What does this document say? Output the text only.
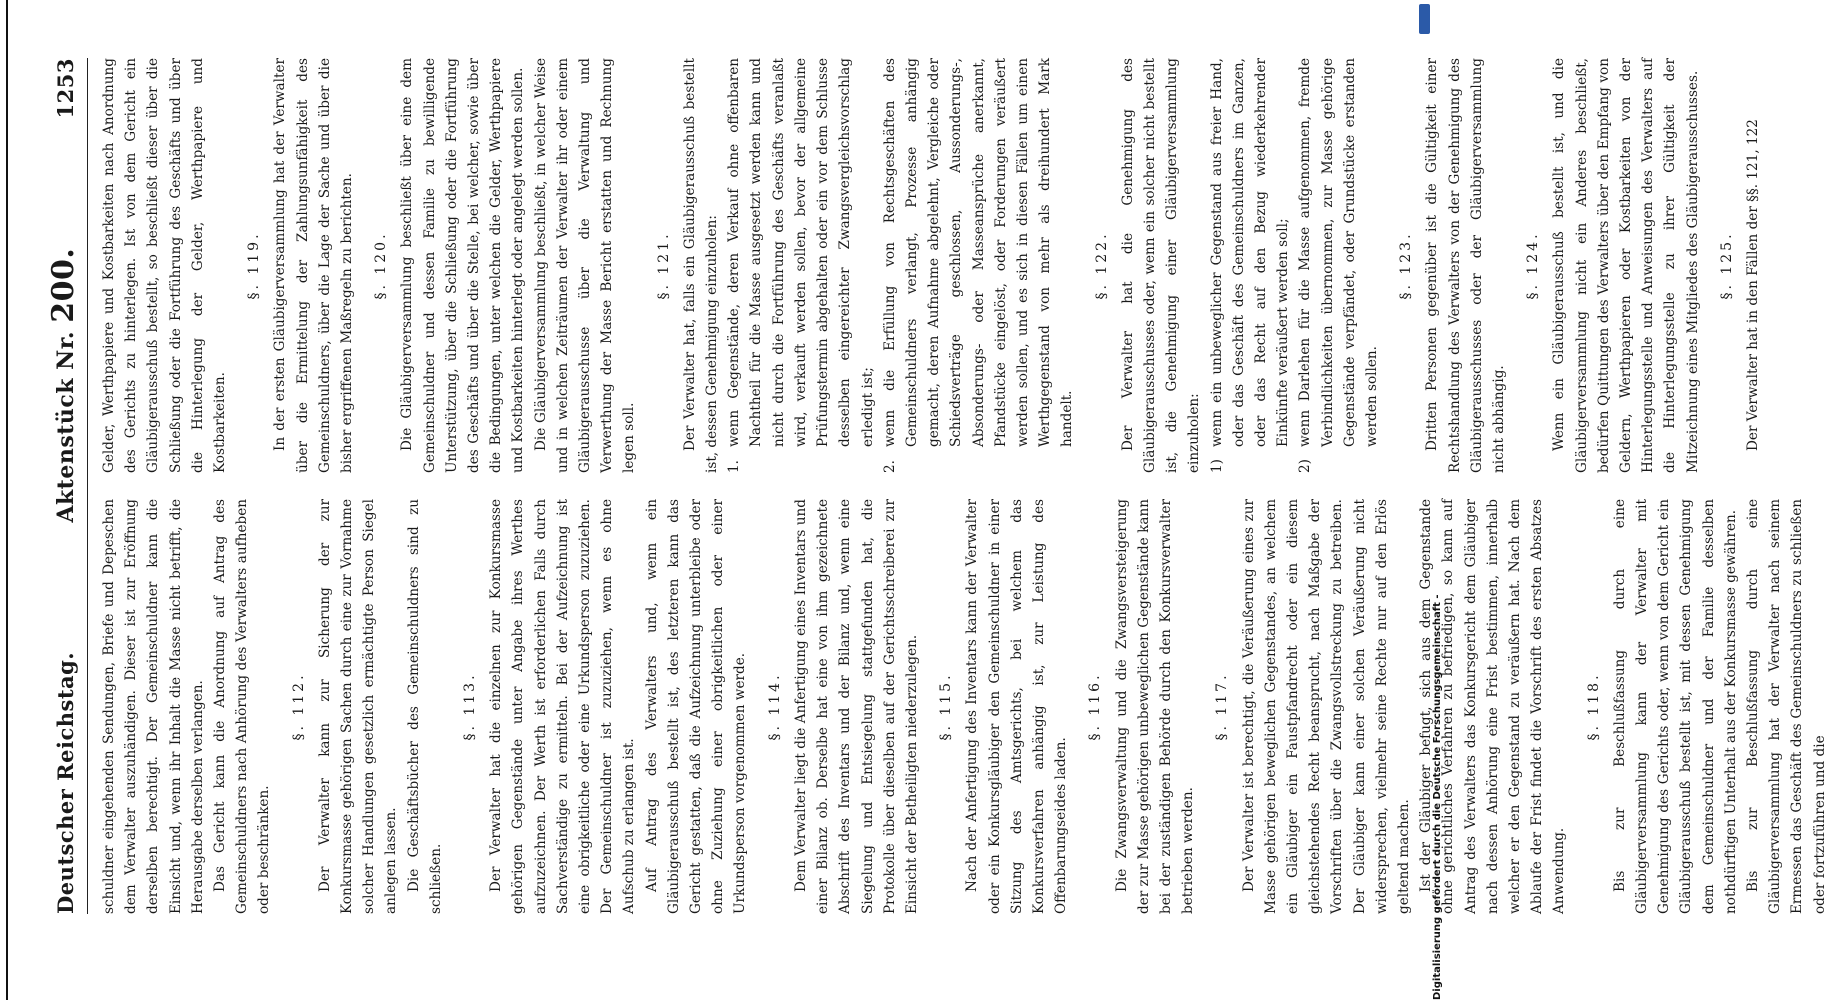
Deutscher Reichstag.
Aktenstück Nr. 200.
1253

schuldner eingehenden Sendungen, Briefe und Depeschen dem Verwalter auszuhändigen. Dieser ist zur Eröffnung derselben berechtigt. Der Gemeinschuldner kann die Einsicht und, wenn ihr Inhalt die Masse nicht betrifft, die Herausgabe derselben verlangen. Das Gericht kann die Anordnung auf Antrag des Gemeinschuldners nach Anhörung des Verwalters aufheben oder beschränken.

§. 112. Der Verwalter kann zur Sicherung der zur Konkursmasse gehörigen Sachen durch eine zur Vornahme solcher Handlungen gesetzlich ermächtigte Person Siegel anlegen lassen. Die Geschäftsbücher des Gemeinschuldners sind zu schließen.

§. 113. Der Verwalter hat die einzelnen zur Konkursmasse gehörigen Gegenstände unter Angabe ihres Werthes aufzuzeichnen. Der Werth ist erforderlichen Falls durch Sachverständige zu ermitteln. Bei der Aufzeichnung ist eine obrigkeitliche oder eine Urkundsperson zuzuziehen. Der Gemeinschuldner ist zuzuziehen, wenn es ohne Aufschub zu erlangen ist. Auf Antrag des Verwalters und, wenn ein Gläubigerausschuß bestellt ist, des letzteren kann das Gericht gestatten, daß die Aufzeichnung unterbleibe oder ohne Zuziehung einer obrigkeitlichen oder einer Urkundsperson vorgenommen werde. §. 114. Dem Verwalter liegt die Anfertigung eines Inventars und einer Bilanz ob. Derselbe hat eine von ihm gezeichnete Abschrift des Inventars und der Bilanz und, wenn eine Siegelung und Entsiegelung stattgefunden hat, die Protokolle über dieselben auf der Gerichtsschreiberei zur Einsicht der Betheiligten niederzulegen. §. 115. Nach der Anfertigung des Inventars kann der Verwalter oder ein Konkursgläubiger den Gemeinschuldner in einer Sitzung des Amtsgerichts, bei welchem das Konkursverfahren anhängig ist, zur Leistung des Offenbarungseides laden.

§. 116. Die Zwangsverwaltung und die Zwangsversteigerung der zur Masse gehörigen unbeweglichen Gegenstände kann bei der zuständigen Behörde durch den Konkursverwalter betrieben werden.

§. 117. Der Verwalter ist berechtigt, die Veräußerung eines zur Masse gehörigen beweglichen Gegenstandes, an welchem ein Gläubiger ein Faustpfandrecht oder ein diesem gleichstehendes Recht beansprucht, nach Maßgabe der Vorschriften über die Zwangsvollstreckung zu betreiben. Der Gläubiger kann einer solchen Veräußerung nicht widersprechen, vielmehr seine Rechte nur auf den Erlös geltend machen. Ist der Gläubiger befugt, sich aus dem Gegenstande ohne gerichtliches Verfahren zu befriedigen, so kann auf Antrag des Verwalters das Konkursgericht dem Gläubiger nach dessen Anhörung eine Frist bestimmen, innerhalb welcher er den Gegenstand zu veräußern hat. Nach dem Ablaufe der Frist findet die Vorschrift des ersten Absatzes Anwendung.

§. 118. Bis zur Beschlußfassung durch eine Gläubigerversammlung kann der Verwalter mit Genehmigung des Gerichts oder, wenn von dem Gericht ein Gläubigerausschuß bestellt ist, mit dessen Genehmigung dem Gemeinschuldner und der Familie desselben nothdürftigen Unterhalt aus der Konkursmasse gewähren. Bis zur Beschlußfassung durch eine Gläubigerversammlung hat der Verwalter nach seinem Ermessen das Geschäft des Gemeinschuldners zu schließen oder fortzuführen und die

Gelder, Werthpapiere und Kostbarkeiten nach Anordnung des Gerichts zu hinterlegen. Ist von dem Gericht ein Gläubigerausschuß bestellt, so beschließt dieser über die Schließung oder die Fortführung des Geschäfts und über die Hinterlegung der Gelder, Werthpapiere und Kostbarkeiten.

§. 119. In der ersten Gläubigerversammlung hat der Verwalter über die Ermittelung der Zahlungsunfähigkeit des Gemeinschuldners, über die Lage der Sache und über die bisher ergriffenen Maßregeln zu berichten. §. 120. Die Gläubigerversammlung beschließt über eine dem Gemeinschuldner und dessen Familie zu bewilligende Unterstützung, über die Schließung oder die Fortführung des Geschäfts und über die Stelle, bei welcher, sowie über die Bedingungen, unter welchen die Gelder, Werthpapiere und Kostbarkeiten hinterlegt oder angelegt werden sollen. Die Gläubigerversammlung beschließt, in welcher Weise und in welchen Zeiträumen der Verwalter ihr oder einem Gläubigerausschusse über die Verwaltung und Verwerthung der Masse Bericht erstatten und Rechnung legen soll.

§. 121. Der Verwalter hat, falls ein Gläubigerausschuß bestellt ist, dessen Genehmigung einzuholen: 1.
wenn Gegenstände, deren Verkauf ohne offenbaren Nachtheil für die Masse ausgesetzt werden kann und nicht durch die Fortführung des Geschäfts veranlaßt wird, verkauft werden sollen, bevor der allgemeine Prüfungstermin abgehalten oder ein vor dem Schlusse desselben eingereichter Zwangsvergleichsvorschlag erledigt ist;

2.
wenn die Erfüllung von Rechtsgeschäften des Gemeinschuldners verlangt, Prozesse anhängig gemacht, deren Aufnahme abgelehnt, Vergleiche oder Schiedsverträge geschlossen, Aussonderungs-, Absonderungs- oder Masseansprüche anerkannt, Pfandstücke eingelöst, oder Forderungen veräußert werden sollen, und es sich in diesen Fällen um einen Werthgegenstand von mehr als dreihundert Mark handelt.

§. 122. Der Verwalter hat die Genehmigung des Gläubigerausschusses oder, wenn ein solcher nicht bestellt ist, die Genehmigung einer Gläubigerversammlung einzuholen: 1)
wenn ein unbeweglicher Gegenstand aus freier Hand, oder das Geschäft des Gemeinschuldners im Ganzen, oder das Recht auf den Bezug wiederkehrender Einkünfte veräußert werden soll;

2)
wenn Darlehen für die Masse aufgenommen, fremde Verbindlichkeiten übernommen, zur Masse gehörige Gegenstände verpfändet, oder Grundstücke erstanden werden sollen.

§. 123. Dritten Personen gegenüber ist die Gültigkeit einer Rechtshandlung des Verwalters von der Genehmigung des Gläubigerausschusses oder der Gläubigerversammlung nicht abhängig.

§. 124. Wenn ein Gläubigerausschuß bestellt ist, und die Gläubigerversammlung nicht ein Anderes beschließt, bedürfen Quittungen des Verwalters über den Empfang von Geldern, Werthpapieren oder Kostbarkeiten von der Hinterlegungsstelle und Anweisungen des Verwalters auf die Hinterlegungsstelle zu ihrer Gültigkeit der Mitzeichnung eines Mitgliedes des Gläubigerausschusses. §. 125. Der Verwalter hat in den Fällen der §§. 121, 122

Digitalisierung gefördert durch die Deutsche Forschungsgemeinschaft -
DFG
